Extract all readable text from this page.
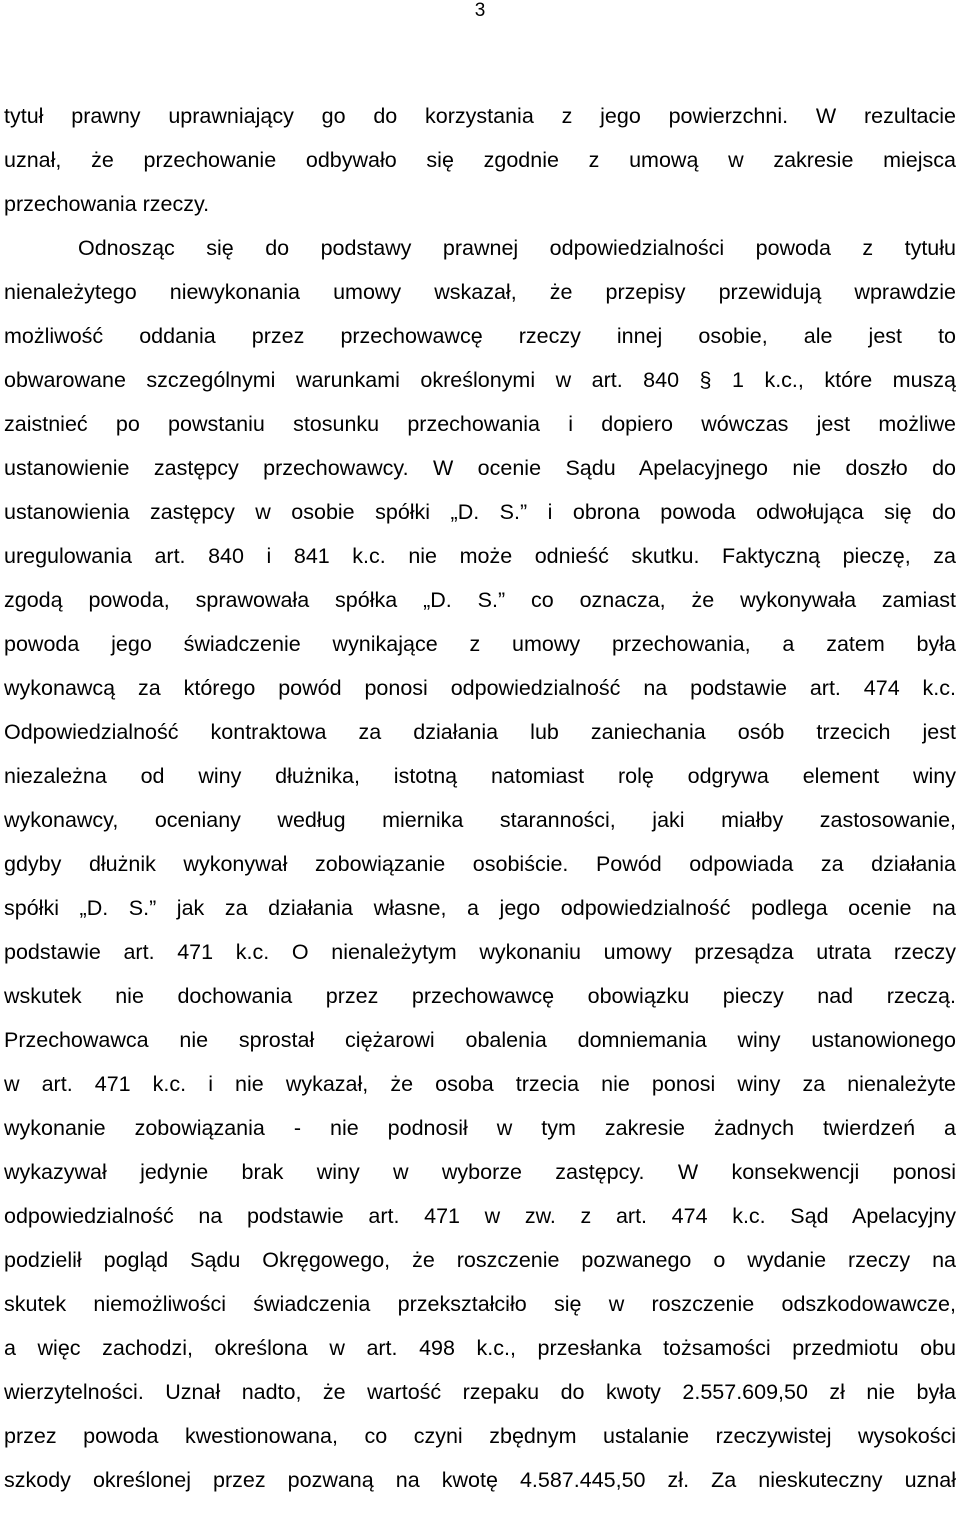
3
tytuł prawny uprawniający go do korzystania z jego powierzchni. W rezultacie
uznał, że przechowanie odbywało się zgodnie z umową w zakresie miejsca
przechowania rzeczy.
Odnosząc się do podstawy prawnej odpowiedzialności powoda z tytułu
nienależytego niewykonania umowy wskazał, że przepisy przewidują wprawdzie
możliwość oddania przez przechowawcę rzeczy innej osobie, ale jest to
obwarowane szczególnymi warunkami określonymi w art. 840 § 1 k.c., które muszą
zaistnieć po powstaniu stosunku przechowania i dopiero wówczas jest możliwe
ustanowienie zastępcy przechowawcy. W ocenie Sądu Apelacyjnego nie doszło do
ustanowienia zastępcy w osobie spółki „D. S.” i obrona powoda odwołująca się do
uregulowania art. 840 i 841 k.c. nie może odnieść skutku. Faktyczną pieczę, za
zgodą powoda, sprawowała spółka „D. S.” co oznacza, że wykonywała zamiast
powoda jego świadczenie wynikające z umowy przechowania, a zatem była
wykonawcą za którego powód ponosi odpowiedzialność na podstawie art. 474 k.c.
Odpowiedzialność kontraktowa za działania lub zaniechania osób trzecich jest
niezależna od winy dłużnika, istotną natomiast rolę odgrywa element winy
wykonawcy, oceniany według miernika staranności, jaki miałby zastosowanie,
gdyby dłużnik wykonywał zobowiązanie osobiście. Powód odpowiada za działania
spółki „D. S.” jak za działania własne, a jego odpowiedzialność podlega ocenie na
podstawie art. 471 k.c. O nienależytym wykonaniu umowy przesądza utrata rzeczy
wskutek nie dochowania przez przechowawcę obowiązku pieczy nad rzeczą.
Przechowawca nie sprostał ciężarowi obalenia domniemania winy ustanowionego
w art. 471 k.c. i nie wykazał, że osoba trzecia nie ponosi winy za nienależyte
wykonanie zobowiązania - nie podnosił w tym zakresie żadnych twierdzeń a
wykazywał jedynie brak winy w wyborze zastępcy. W konsekwencji ponosi
odpowiedzialność na podstawie art. 471 w zw. z art. 474 k.c. Sąd Apelacyjny
podzielił pogląd Sądu Okręgowego, że roszczenie pozwanego o wydanie rzeczy na
skutek niemożliwości świadczenia przekształciło się w roszczenie odszkodowawcze,
a więc zachodzi, określona w art. 498 k.c., przesłanka tożsamości przedmiotu obu
wierzytelności. Uznał nadto, że wartość rzepaku do kwoty 2.557.609,50 zł nie była
przez powoda kwestionowana, co czyni zbędnym ustalanie rzeczywistej wysokości
szkody określonej przez pozwaną na kwotę 4.587.445,50 zł. Za nieskuteczny uznał
